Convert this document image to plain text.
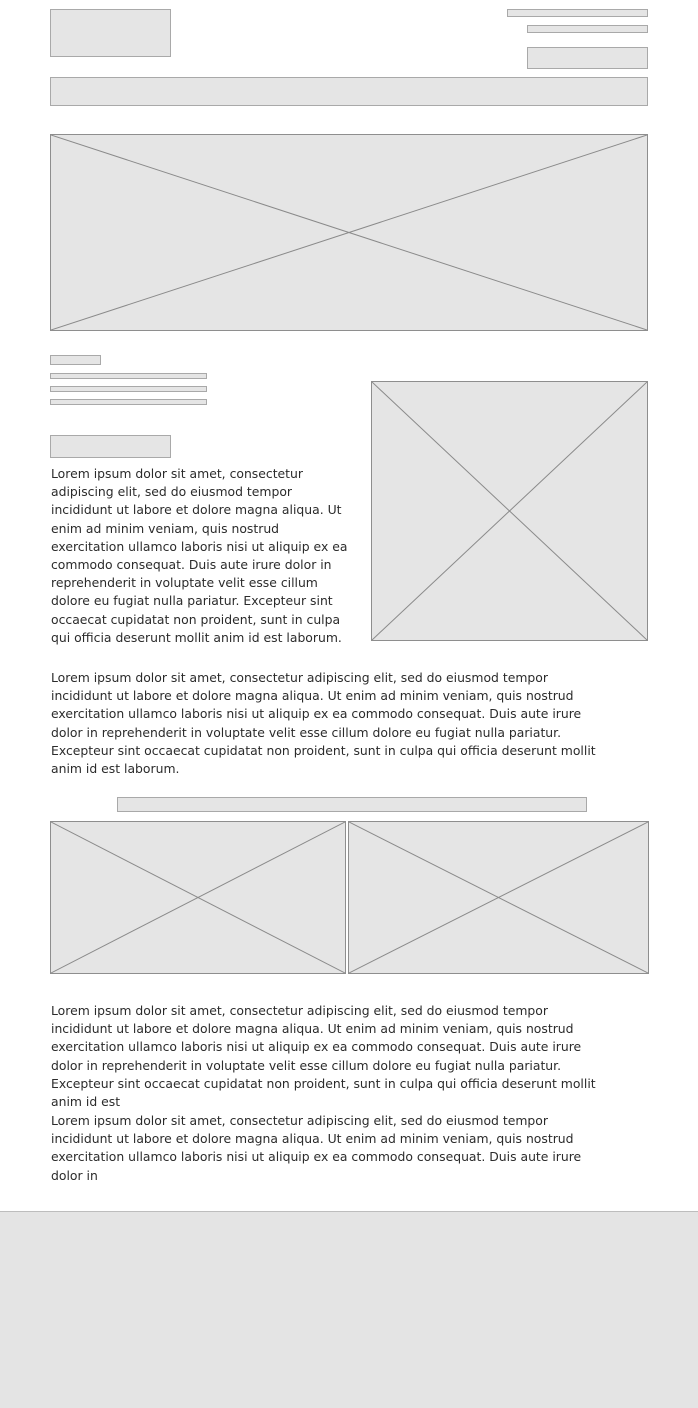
Lorem ipsum dolor sit amet, consectetur adipiscing elit, sed do eiusmod tempor incididunt ut labore et dolore magna aliqua. Ut enim ad minim veniam, quis nostrud exercitation ullamco laboris nisi ut aliquip ex ea commodo consequat. Duis aute irure dolor in reprehenderit in voluptate velit esse cillum dolore eu fugiat nulla pariatur. Excepteur sint occaecat cupidatat non proident, sunt in culpa qui officia deserunt mollit anim id est laborum.

Lorem ipsum dolor sit amet, consectetur adipiscing elit, sed do eiusmod tempor incididunt ut labore et dolore magna aliqua. Ut enim ad minim veniam, quis nostrud exercitation ullamco laboris nisi ut aliquip ex ea commodo consequat. Duis aute irure dolor in reprehenderit in voluptate velit esse cillum dolore eu fugiat nulla pariatur. Excepteur sint occaecat cupidatat non proident, sunt in culpa qui officia deserunt mollit anim id est laborum.

Lorem ipsum dolor sit amet, consectetur adipiscing elit, sed do eiusmod tempor incididunt ut labore et dolore magna aliqua. Ut enim ad minim veniam, quis nostrud exercitation ullamco laboris nisi ut aliquip ex ea commodo consequat. Duis aute irure dolor in reprehenderit in voluptate velit esse cillum dolore eu fugiat nulla pariatur. Excepteur sint occaecat cupidatat non proident, sunt in culpa qui officia deserunt mollit anim id est

Lorem ipsum dolor sit amet, consectetur adipiscing elit, sed do eiusmod tempor incididunt ut labore et dolore magna aliqua. Ut enim ad minim veniam, quis nostrud exercitation ullamco laboris nisi ut aliquip ex ea commodo consequat. Duis aute irure dolor in
